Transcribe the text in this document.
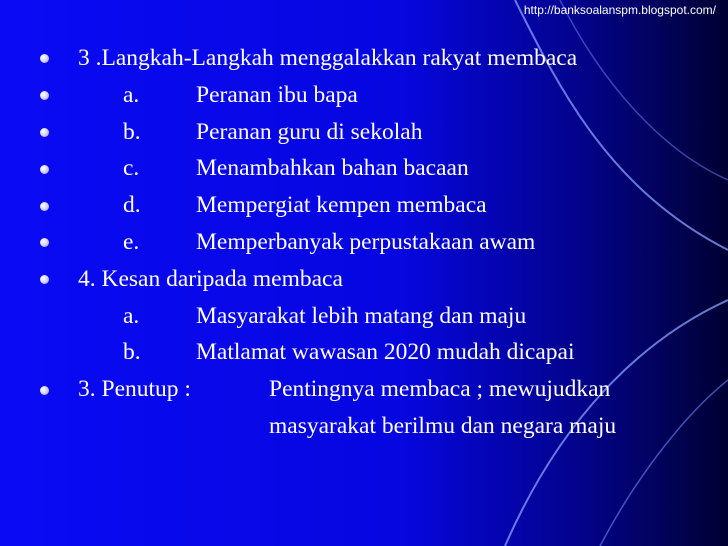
http://banksoalanspm.blogspot.com/
3 .Langkah-Langkah menggalakkan rakyat membaca
a. Peranan ibu bapa
b. Peranan guru di sekolah
c. Menambahkan bahan bacaan
d. Mempergiat kempen membaca
e. Memperbanyak perpustakaan awam
4. Kesan daripada membaca
a. Masyarakat lebih matang dan maju
b. Matlamat wawasan 2020 mudah dicapai
3. Penutup :	Pentingnya membaca ; mewujudkan
masyarakat berilmu dan negara maju
